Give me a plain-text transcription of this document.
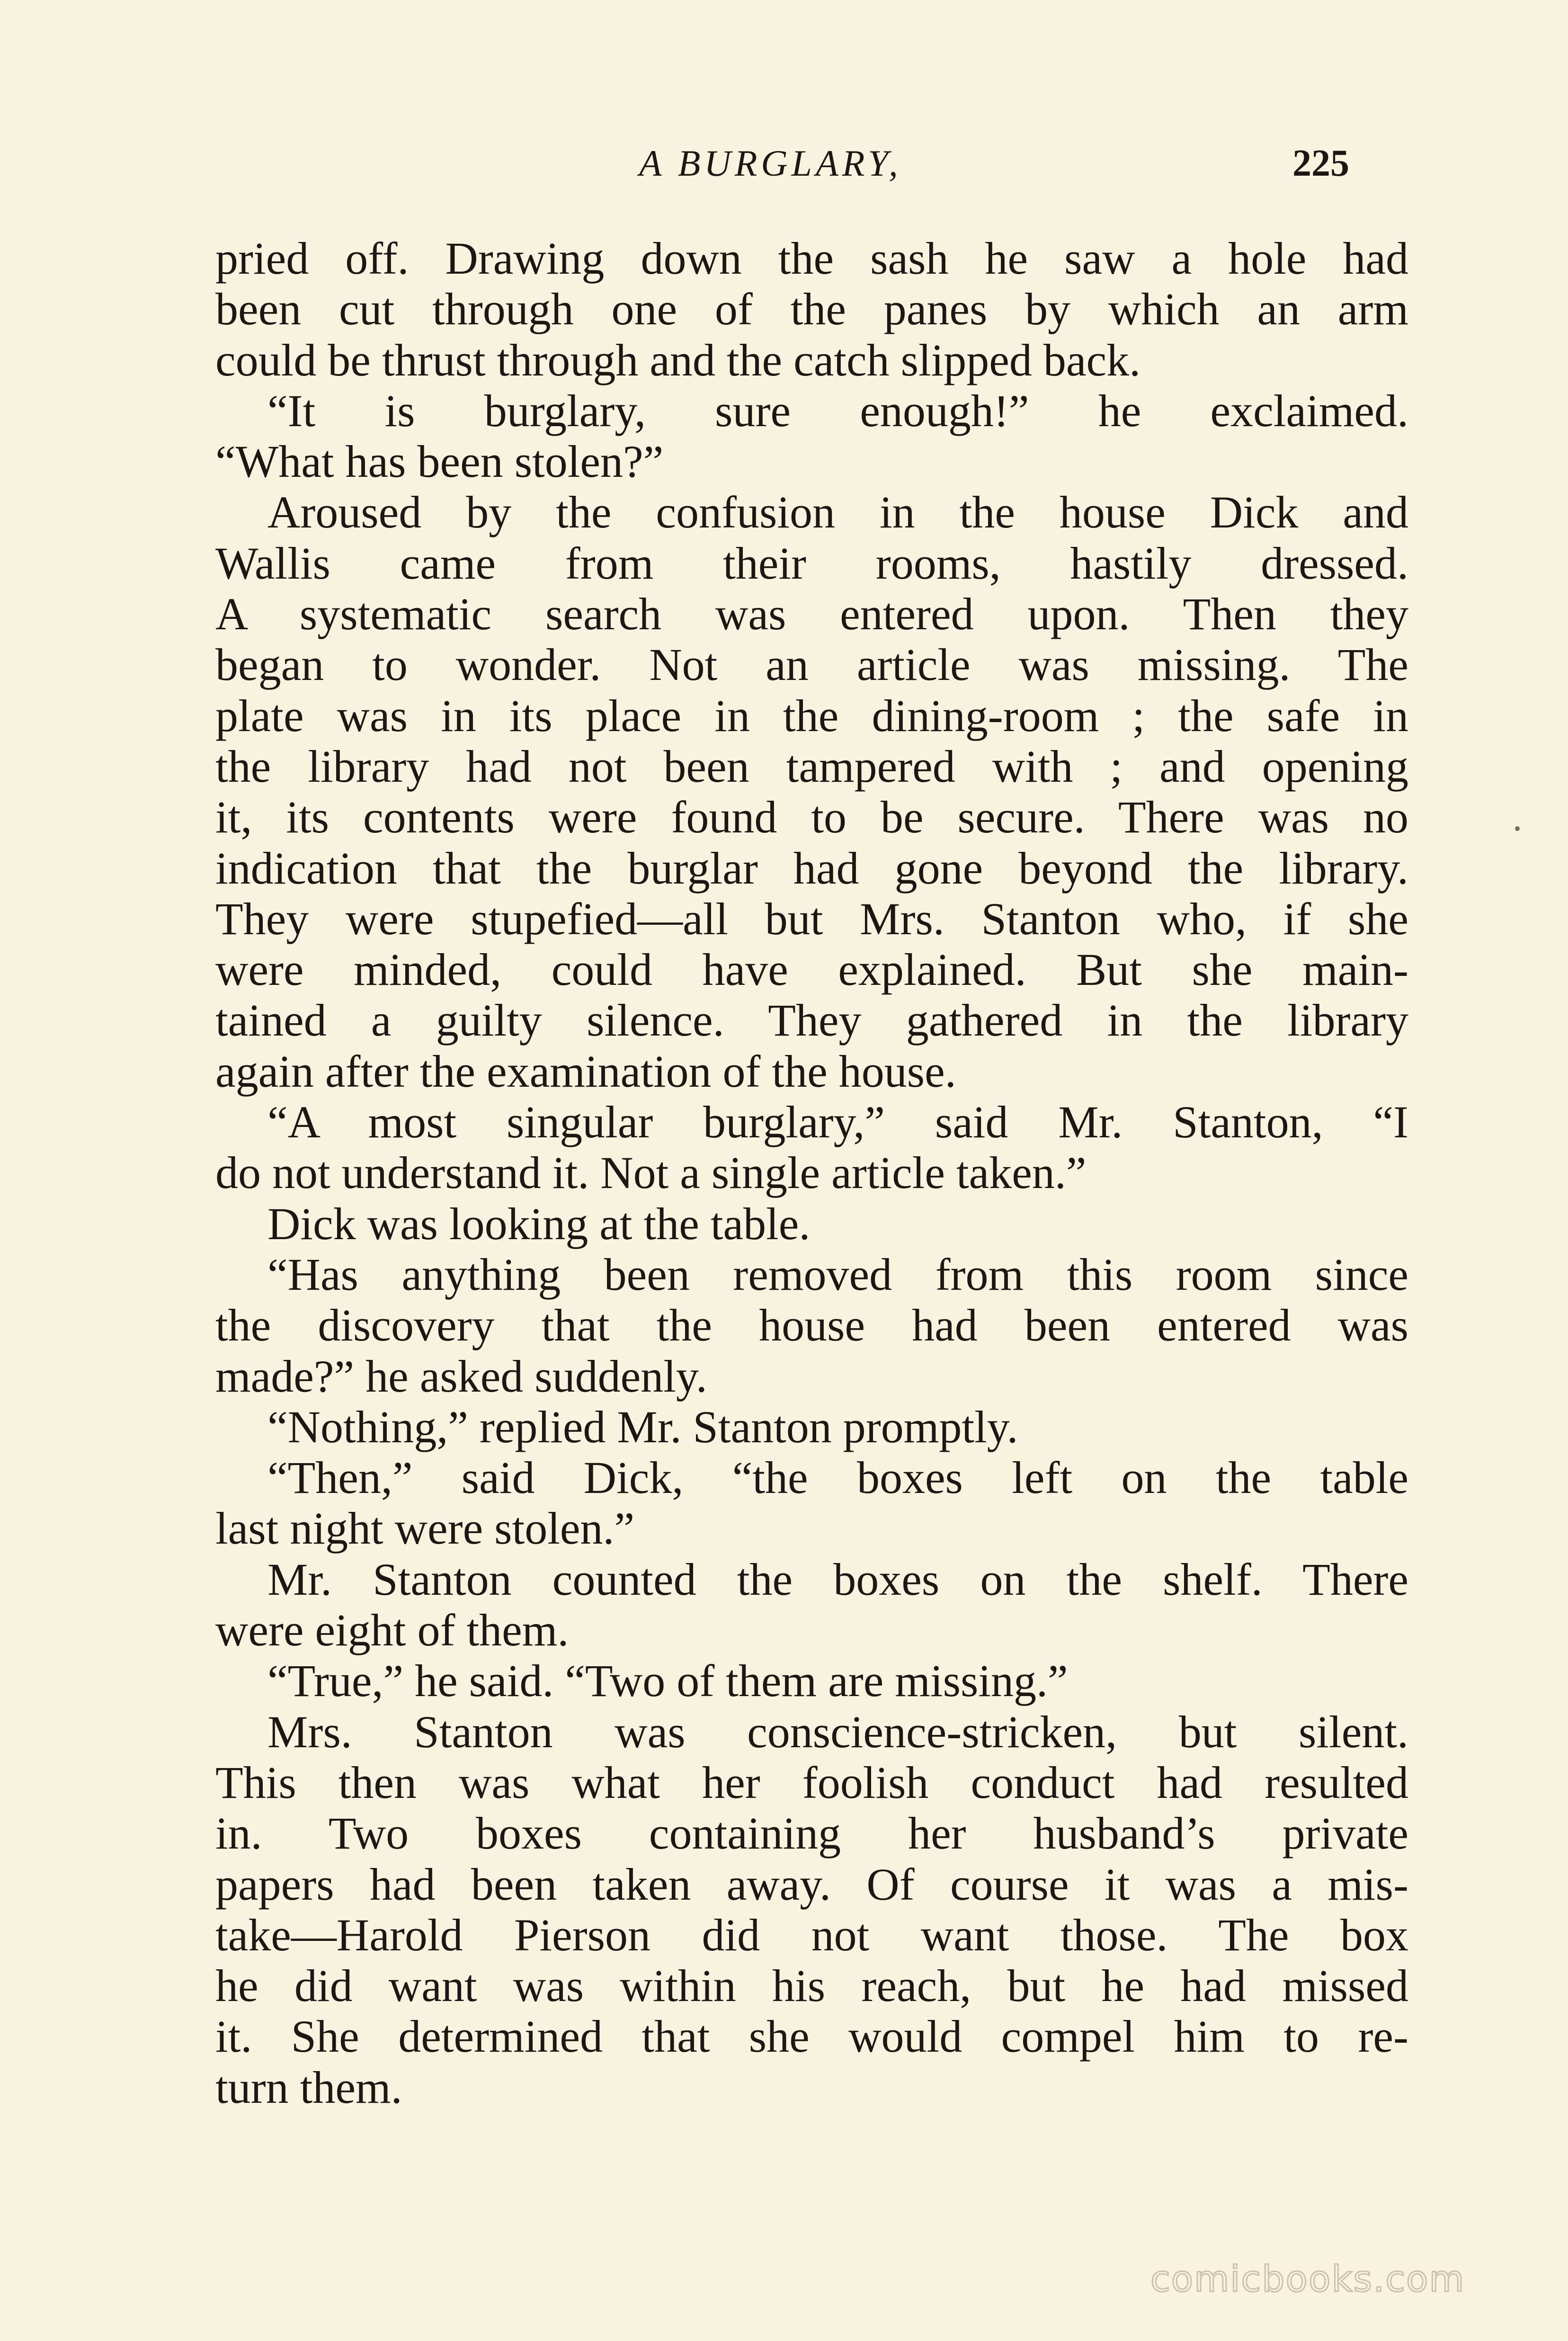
A BURGLARY,	225
pried off. Drawing down the sash he saw a hole had
been cut through one of the panes by which an arm
could be thrust through and the catch slipped back.
“It is burglary, sure enough!” he exclaimed.
“What has been stolen?”
Aroused by the confusion in the house Dick and
Wallis came from their rooms, hastily dressed.
A systematic search was entered upon. Then they
began to wonder. Not an article was missing. The
plate was in its place in the dining-room ; the safe in
the library had not been tampered with ; and opening
it, its contents were found to be secure. There was no
indication that the burglar had gone beyond the library.
They were stupefied—all but Mrs. Stanton who, if she
were minded, could have explained. But she main-
tained a guilty silence. They gathered in the library
again after the examination of the house.
“A most singular burglary,” said Mr. Stanton, “I
do not understand it. Not a single article taken.”
Dick was looking at the table.
“Has anything been removed from this room since
the discovery that the house had been entered was
made?” he asked suddenly.
“Nothing,” replied Mr. Stanton promptly.
“Then,” said Dick, “the boxes left on the table
last night were stolen.”
Mr. Stanton counted the boxes on the shelf. There
were eight of them.
“True,” he said. “Two of them are missing.”
Mrs. Stanton was conscience-stricken, but silent.
This then was what her foolish conduct had resulted
in. Two boxes containing her husband’s private
papers had been taken away. Of course it was a mis-
take—Harold Pierson did not want those. The box
he did want was within his reach, but he had missed
it. She determined that she would compel him to re-
turn them.
comicbooks.com
